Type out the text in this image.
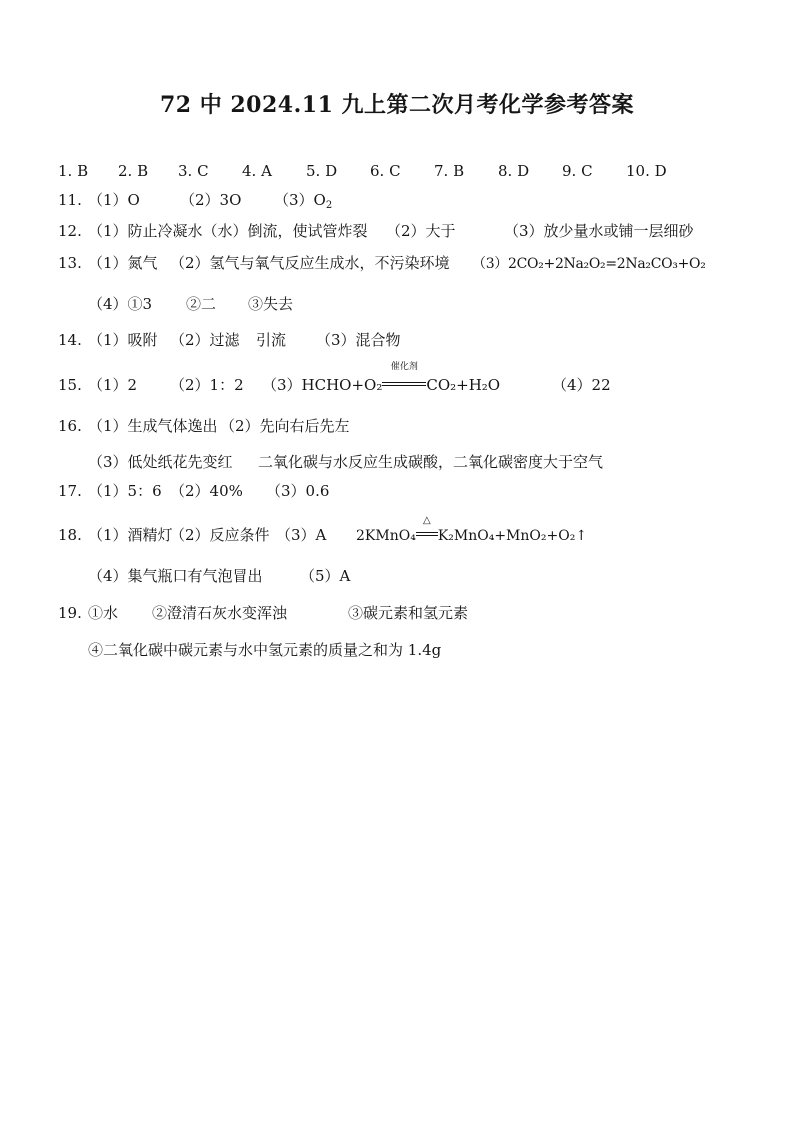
72 中 2024.11 九上第二次月考化学参考答案
1. B 2. B 3. C 4. A 5. D 6. C 7. B 8. D 9. C 10. D
11. （1）O	（2）3O $(3)O_2$
12. （1）防止冷凝水（水）倒流，使试管炸裂 （2）大于	（3）放少量水或铺一层细砂
13. （1）氮气 （2）氢气与氧气反应生成水，不污染环境 （3）2CO₂+2Na₂O₂=2Na₂CO₃+O₂
（4）①3 ②二 ③失去
14. （1）吸附 （2）过滤 引流 （3）混合物
15. （1）2 （2）1：2 （3）HCHO+O₂
催化剂
CO₂+H₂O	（4）22
16. （1）生成气体逸出 （2）先向右后先左
（3）低处纸花先变红 二氧化碳与水反应生成碳酸，二氧化碳密度大于空气
17. （1）5：6 （2）40% （3）0.6
18. （1）酒精灯（2）反应条件 （3）A 2KMnO₄
△
K₂MnO₄+MnO₂+O₂↑
（4）集气瓶口有气泡冒出 （5）A
19. ①水 ②澄清石灰水变浑浊	③碳元素和氢元素
④二氧化碳中碳元素与水中氢元素的质量之和为 1.4g
